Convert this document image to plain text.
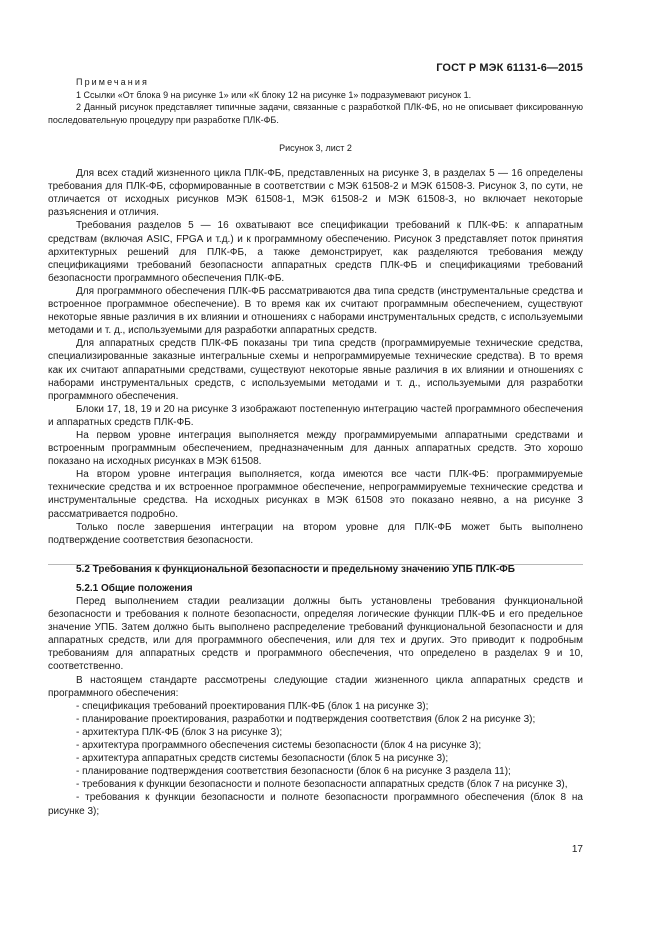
ГОСТ Р МЭК 61131-6—2015
Примечания

1 Ссылки «От блока 9 на рисунке 1» или «К блоку 12 на рисунке 1» подразумевают рисунок 1.

2 Данный рисунок представляет типичные задачи, связанные с разработкой ПЛК-ФБ, но не описывает фиксированную последовательную процедуру при разработке ПЛК-ФБ.

Рисунок 3, лист 2

Для всех стадий жизненного цикла ПЛК-ФБ, представленных на рисунке 3, в разделах 5 — 16 определены требования для ПЛК-ФБ, сформированные в соответствии с МЭК 61508-2 и МЭК 61508-3. Рисунок 3, по сути, не отличается от исходных рисунков МЭК 61508-1, МЭК 61508-2 и МЭК 61508-3, но включает некоторые разъяснения и отличия.

Требования разделов 5 — 16 охватывают все спецификации требований к ПЛК-ФБ: к аппаратным средствам (включая ASIC, FPGA и т.д.) и к программному обеспечению. Рисунок 3 представляет поток принятия архитектурных решений для ПЛК-ФБ, а также демонстрирует, как разделяются требования между спецификациями требований безопасности аппаратных средств ПЛК-ФБ и спецификациями требований безопасности программного обеспечения ПЛК-ФБ.

Для программного обеспечения ПЛК-ФБ рассматриваются два типа средств (инструментальные средства и встроенное программное обеспечение). В то время как их считают программным обеспечением, существуют некоторые явные различия в их влиянии и отношениях с наборами инструментальных средств, с используемыми методами и т. д., используемыми для разработки аппаратных средств.

Для аппаратных средств ПЛК-ФБ показаны три типа средств (программируемые технические средства, специализированные заказные интегральные схемы и непрограммируемые технические средства). В то время как их считают аппаратными средствами, существуют некоторые явные различия в их влиянии и отношениях с наборами инструментальных средств, с используемыми методами и т. д., используемыми для разработки программного обеспечения.

Блоки 17, 18, 19 и 20 на рисунке 3 изображают постепенную интеграцию частей программного обеспечения и аппаратных средств ПЛК-ФБ.

На первом уровне интеграция выполняется между программируемыми аппаратными средствами и встроенным программным обеспечением, предназначенным для данных аппаратных средств. Это хорошо показано на исходных рисунках в МЭК 61508.

На втором уровне интеграция выполняется, когда имеются все части ПЛК-ФБ: программируемые технические средства и их встроенное программное обеспечение, непрограммируемые технические средства и инструментальные средства. На исходных рисунках в МЭК 61508 это показано неявно, а на рисунке 3 рассматривается подробно.

Только после завершения интеграции на втором уровне для ПЛК-ФБ может быть выполнено подтверждение соответствия безопасности.

5.2 Требования к функциональной безопасности и предельному значению УПБ ПЛК-ФБ
5.2.1 Общие положения

Перед выполнением стадии реализации должны быть установлены требования функциональной безопасности и требования к полноте безопасности, определяя логические функции ПЛК-ФБ и его предельное значение УПБ. Затем должно быть выполнено распределение требований функциональной безопасности и для аппаратных средств, или для программного обеспечения, или для тех и других. Это приводит к подробным требованиям для аппаратных средств и программного обеспечения, что определено в разделах 9 и 10, соответственно.

В настоящем стандарте рассмотрены следующие стадии жизненного цикла аппаратных средств и программного обеспечения:

- спецификация требований проектирования ПЛК-ФБ (блок 1 на рисунке 3);
- планирование проектирования, разработки и подтверждения соответствия (блок 2 на рисунке 3);
- архитектура ПЛК-ФБ (блок 3 на рисунке 3);
- архитектура программного обеспечения системы безопасности (блок 4 на рисунке 3);
- архитектура аппаратных средств системы безопасности (блок 5 на рисунке 3);
- планирование подтверждения соответствия безопасности (блок 6 на рисунке 3 раздела 11);
- требования к функции безопасности и полноте безопасности аппаратных средств (блок 7 на рисунке 3),
- требования к функции безопасности и полноте безопасности программного обеспечения (блок 8 на рисунке 3);
17
